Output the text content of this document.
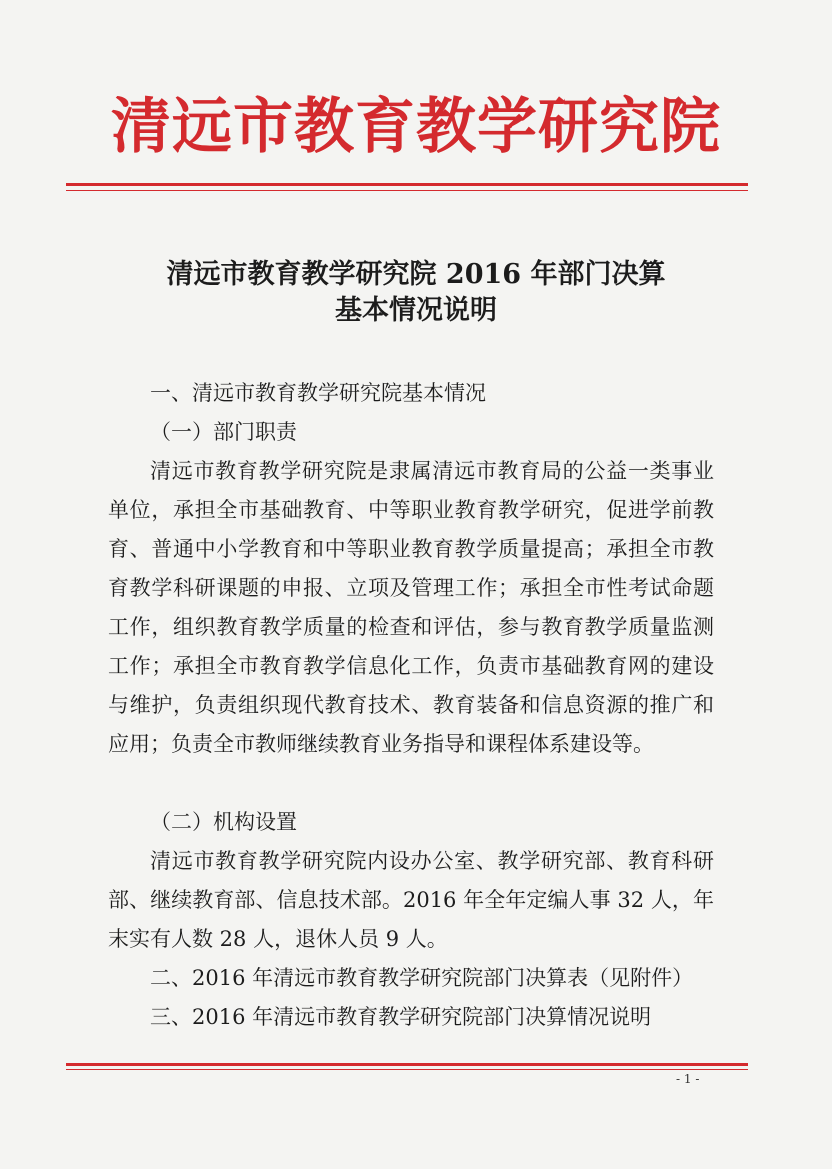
清远市教育教学研究院
清远市教育教学研究院 2016 年部门决算
基本情况说明
一、清远市教育教学研究院基本情况
（一）部门职责
清远市教育教学研究院是隶属清远市教育局的公益一类事业单位，承担全市基础教育、中等职业教育教学研究，促进学前教育、普通中小学教育和中等职业教育教学质量提高；承担全市教育教学科研课题的申报、立项及管理工作；承担全市性考试命题工作，组织教育教学质量的检查和评估，参与教育教学质量监测工作；承担全市教育教学信息化工作，负责市基础教育网的建设与维护，负责组织现代教育技术、教育装备和信息资源的推广和应用；负责全市教师继续教育业务指导和课程体系建设等。
（二）机构设置
清远市教育教学研究院内设办公室、教学研究部、教育科研部、继续教育部、信息技术部。2016 年全年定编人事 32 人，年末实有人数 28 人，退休人员 9 人。
二、2016 年清远市教育教学研究院部门决算表（见附件）
三、2016 年清远市教育教学研究院部门决算情况说明
- 1 -
